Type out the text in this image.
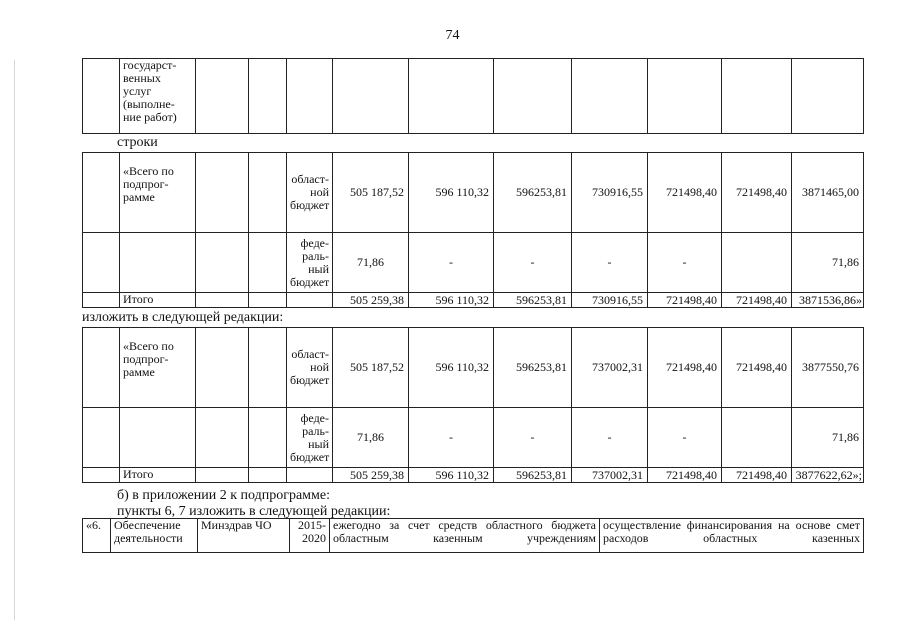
74
	государст-
венных
услуг
(выполне-
ние работ)										
строки
	«Всего по
подпрог-
рамме			област-
ной
бюджет	505 187,52	596 110,32	596253,81	730916,55	721498,40	721498,40	3871465,00
				феде-
раль-
ный
бюджет	71,86	-	-	-	-		71,86
	Итого				505 259,38	596 110,32	596253,81	730916,55	721498,40	721498,40	3871536,86»
изложить в следующей редакции:
	«Всего по
подпрог-
рамме			област-
ной
бюджет	505 187,52	596 110,32	596253,81	737002,31	721498,40	721498,40	3877550,76
				феде-
раль-
ный
бюджет	71,86	-	-	-	-		71,86
	Итого				505 259,38	596 110,32	596253,81	737002,31	721498,40	721498,40	3877622,62»;
б) в приложении 2 к подпрограмме:
пункты 6, 7 изложить в следующей редакции:
«6.	Обеспечение деятельности	Минздрав ЧО	2015-2020	ежегодно за счет средств областного бюджета областным казенным учреждениям	осуществление финансирования на основе смет расходов областных казенных
